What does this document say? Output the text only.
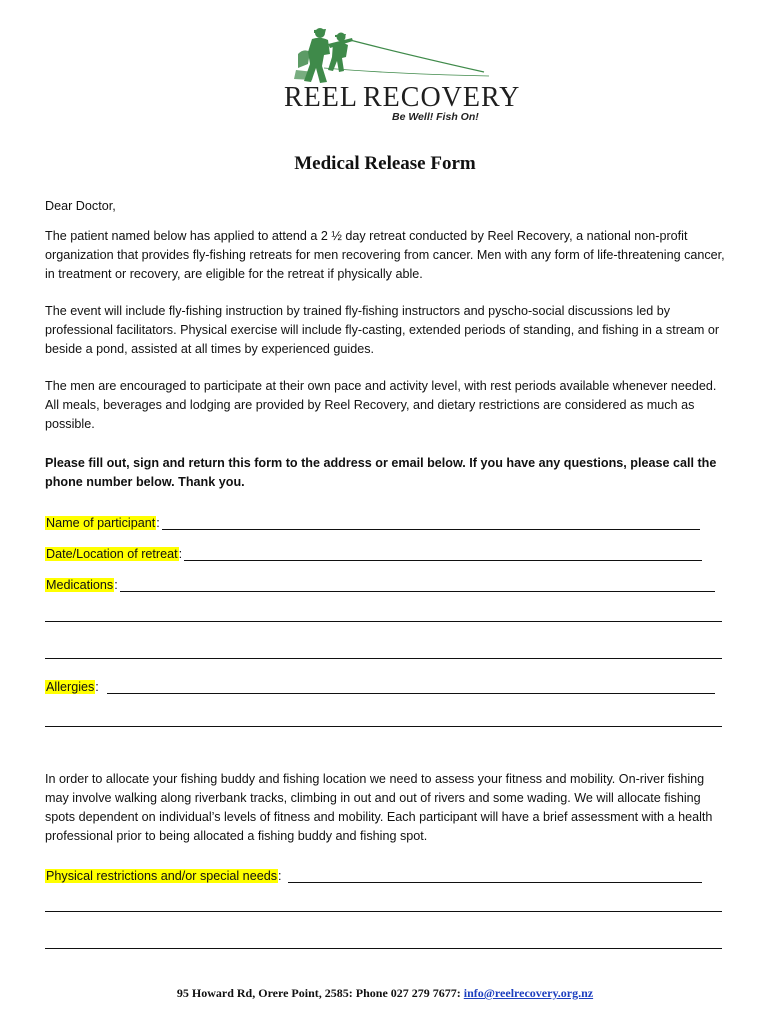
REEL RECOVERY
Be Well! Fish On!
Medical Release Form
Dear Doctor,
The patient named below has applied to attend a 2 ½ day retreat conducted by Reel Recovery, a national non-profit organization that provides fly-fishing retreats for men recovering from cancer. Men with any form of life-threatening cancer, in treatment or recovery, are eligible for the retreat if physically able.
The event will include fly-fishing instruction by trained fly-fishing instructors and pyscho-social discussions led by professional facilitators. Physical exercise will include fly-casting, extended periods of standing, and fishing in a stream or beside a pond, assisted at all times by experienced guides.
The men are encouraged to participate at their own pace and activity level, with rest periods available whenever needed. All meals, beverages and lodging are provided by Reel Recovery, and dietary restrictions are considered as much as possible.
Please fill out, sign and return this form to the address or email below. If you have any questions, please call the phone number below. Thank you.
Name of participant :
Date/Location of retreat :
Medications :
Allergies :
In order to allocate your fishing buddy and fishing location we need to assess your fitness and mobility. On-river fishing may involve walking along riverbank tracks, climbing in out and out of rivers and some wading. We will allocate fishing spots dependent on individual’s levels of fitness and mobility. Each participant will have a brief assessment with a health professional prior to being allocated a fishing buddy and fishing spot.
Physical restrictions and/or special needs :
95 Howard Rd, Orere Point, 2585: Phone 027 279 7677: info@reelrecovery.org.nz
